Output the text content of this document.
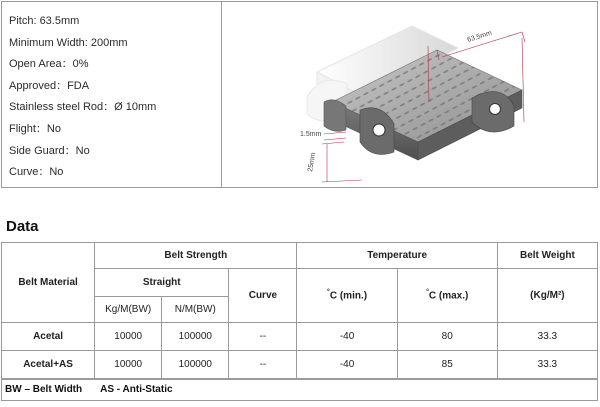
Pitch: 63.5mm
Minimum Width: 200mm
Open Area：0%
Approved：FDA
Stainless steel Rod：Ø 10mm
Flight：No
Side Guard：No
Curve：No
63.5mm
1.5mm
25mm
Data
Belt Material	Belt Strength			Temperature		Belt Weight
	Straight		Curve	°C (min.)	°C (max.)	(Kg/M²)
	Kg/M(BW)	N/M(BW)				
Acetal	10000	100000	--	-40	80	33.3
Acetal+AS	10000	100000	--	-40	85	33.3
BW – Belt Width AS - Anti-Static
